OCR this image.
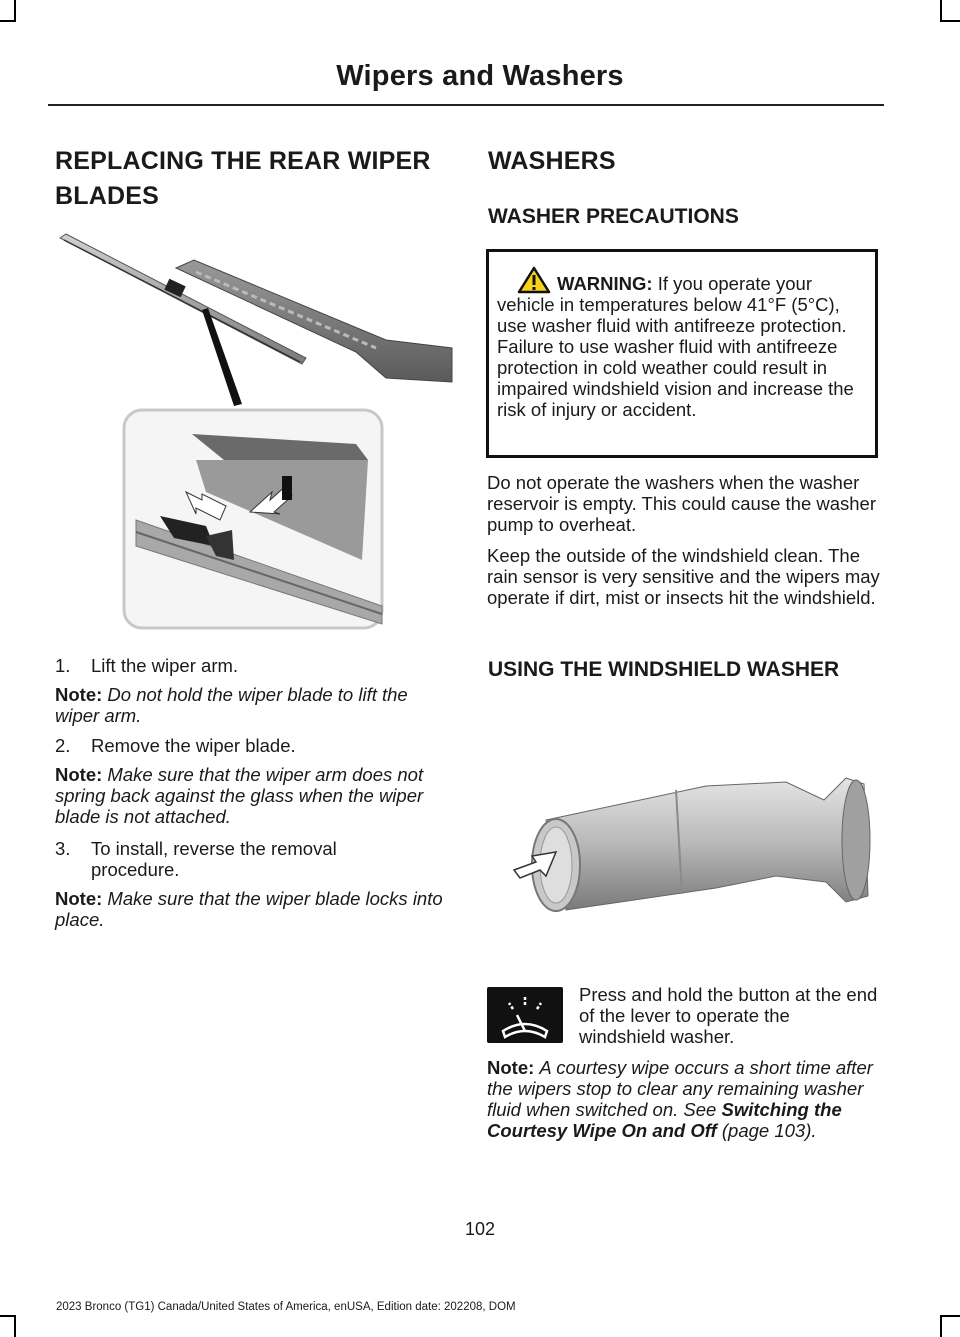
Wipers and Washers
REPLACING THE REAR WIPER BLADES
1.	Lift the wiper arm.

Note: Do not hold the wiper blade to lift the wiper arm.

2.	Remove the wiper blade.

Note: Make sure that the wiper arm does not spring back against the glass when the wiper blade is not attached.

3.	To install, reverse the removal procedure.

Note: Make sure that the wiper blade locks into place.

WASHERS
WASHER PRECAUTIONS

WARNING: If you operate your vehicle in temperatures below 41°F (5°C), use washer fluid with antifreeze protection. Failure to use washer fluid with antifreeze protection in cold weather could result in impaired windshield vision and increase the risk of injury or accident.

Do not operate the washers when the washer reservoir is empty. This could cause the washer pump to overheat.

Keep the outside of the windshield clean. The rain sensor is very sensitive and the wipers may operate if dirt, mist or insects hit the windshield.

USING THE WINDSHIELD WASHER

Press and hold the button at the end of the lever to operate the windshield washer.

Note: A courtesy wipe occurs a short time after the wipers stop to clear any remaining washer fluid when switched on. See Switching the Courtesy Wipe On and Off (page 103).

102
2023 Bronco (TG1) Canada/United States of America, enUSA, Edition date: 202208, DOM
